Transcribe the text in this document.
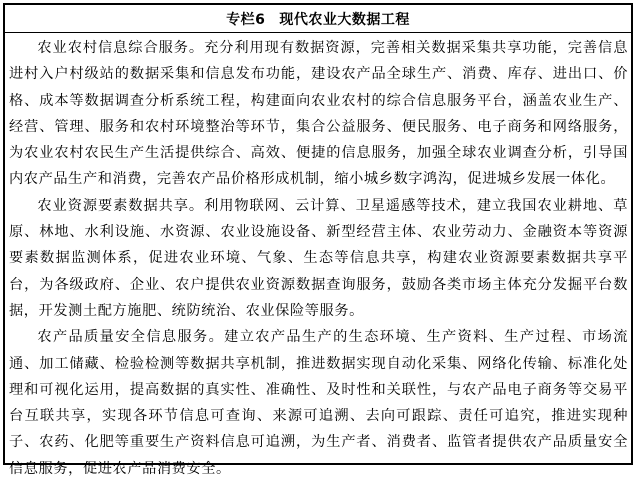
专栏6 现代农业大数据工程

农业农村信息综合服务。充分利用现有数据资源，完善相关数据采集共享功能，完善信息进村入户村级站的数据采集和信息发布功能，建设农产品全球生产、消费、库存、进出口、价格、成本等数据调查分析系统工程，构建面向农业农村的综合信息服务平台，涵盖农业生产、经营、管理、服务和农村环境整治等环节，集合公益服务、便民服务、电子商务和网络服务，为农业农村农民生产生活提供综合、高效、便捷的信息服务，加强全球农业调查分析，引导国内农产品生产和消费，完善农产品价格形成机制，缩小城乡数字鸿沟，促进城乡发展一体化。

农业资源要素数据共享。利用物联网、云计算、卫星遥感等技术，建立我国农业耕地、草原、林地、水利设施、水资源、农业设施设备、新型经营主体、农业劳动力、金融资本等资源要素数据监测体系，促进农业环境、气象、生态等信息共享，构建农业资源要素数据共享平台，为各级政府、企业、农户提供农业资源数据查询服务，鼓励各类市场主体充分发掘平台数据，开发测土配方施肥、统防统治、农业保险等服务。

农产品质量安全信息服务。建立农产品生产的生态环境、生产资料、生产过程、市场流通、加工储藏、检验检测等数据共享机制，推进数据实现自动化采集、网络化传输、标准化处理和可视化运用，提高数据的真实性、准确性、及时性和关联性，与农产品电子商务等交易平台互联共享，实现各环节信息可查询、来源可追溯、去向可跟踪、责任可追究，推进实现种子、农药、化肥等重要生产资料信息可追溯，为生产者、消费者、监管者提供农产品质量安全信息服务，促进农产品消费安全。
